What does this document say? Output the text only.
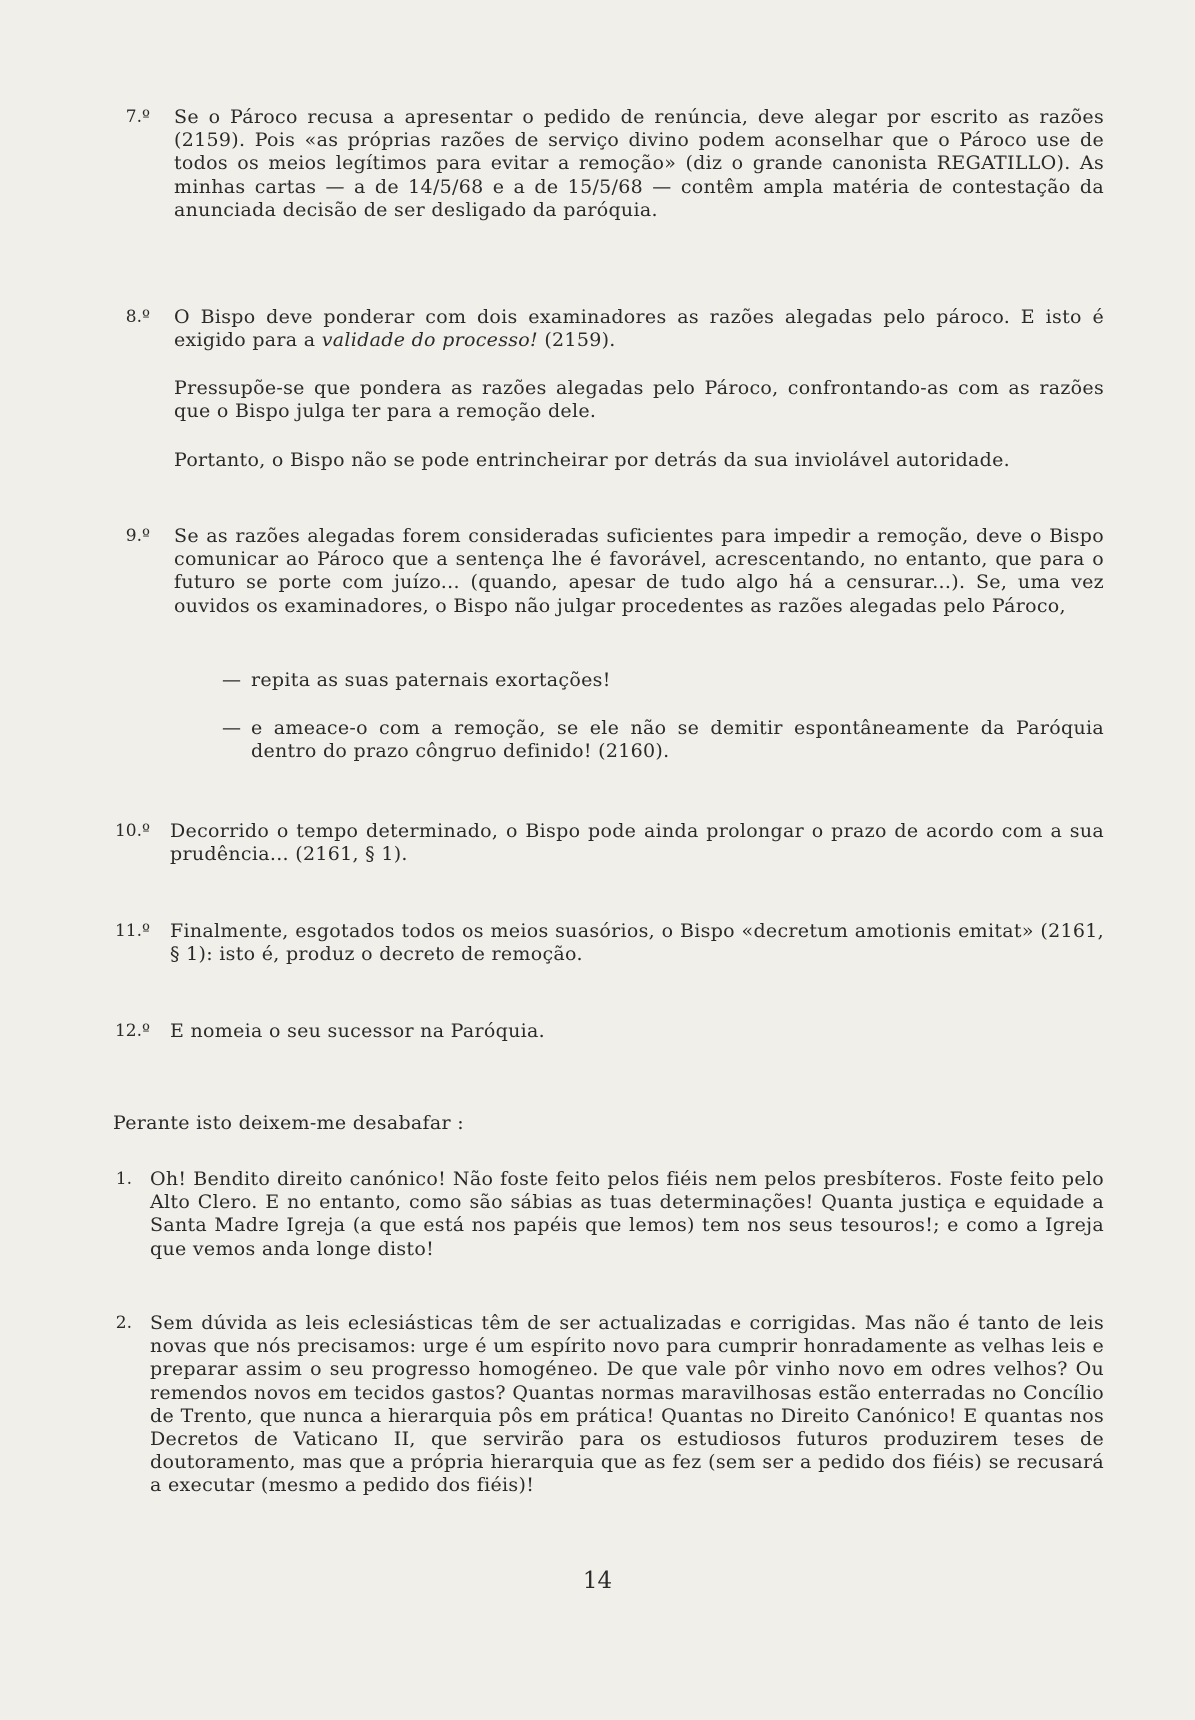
7.º Se o Pároco recusa a apresentar o pedido de renúncia, deve alegar por escrito as razões (2159). Pois «as próprias razões de serviço divino podem aconselhar que o Pároco use de todos os meios legítimos para evitar a remoção» (diz o grande canonista REGATILLO). As minhas cartas — a de 14/5/68 e a de 15/5/68 — contêm ampla matéria de contestação da anunciada decisão de ser desligado da paróquia.

8.º O Bispo deve ponderar com dois examinadores as razões alegadas pelo pároco. E isto é exigido para a validade do processo! (2159).

Pressupõe-se que pondera as razões alegadas pelo Pároco, confrontando-as com as razões que o Bispo julga ter para a remoção dele.

Portanto, o Bispo não se pode entrincheirar por detrás da sua inviolável autoridade.

9.º Se as razões alegadas forem consideradas suficientes para impedir a remoção, deve o Bispo comunicar ao Pároco que a sentença lhe é favorável, acrescentando, no entanto, que para o futuro se porte com juízo... (quando, apesar de tudo algo há a censurar...). Se, uma vez ouvidos os examinadores, o Bispo não julgar procedentes as razões alegadas pelo Pároco,

— repita as suas paternais exortações!

— e ameace-o com a remoção, se ele não se demitir espontâneamente da Paróquia dentro do prazo côngruo definido! (2160).

10.º Decorrido o tempo determinado, o Bispo pode ainda prolongar o prazo de acordo com a sua prudência... (2161, § 1).

11.º Finalmente, esgotados todos os meios suasórios, o Bispo «decretum amotionis emitat» (2161, § 1): isto é, produz o decreto de remoção.

12.º E nomeia o seu sucessor na Paróquia.

Perante isto deixem-me desabafar :

1. Oh! Bendito direito canónico! Não foste feito pelos fiéis nem pelos presbíteros. Foste feito pelo Alto Clero. E no entanto, como são sábias as tuas determinações! Quanta justiça e equidade a Santa Madre Igreja (a que está nos papéis que lemos) tem nos seus tesouros!; e como a Igreja que vemos anda longe disto!

2. Sem dúvida as leis eclesiásticas têm de ser actualizadas e corrigidas. Mas não é tanto de leis novas que nós precisamos: urge é um espírito novo para cumprir honradamente as velhas leis e preparar assim o seu progresso homogéneo. De que vale pôr vinho novo em odres velhos? Ou remendos novos em tecidos gastos? Quantas normas maravilhosas estão enterradas no Concílio de Trento, que nunca a hierarquia pôs em prática! Quantas no Direito Canónico! E quantas nos Decretos de Vaticano II, que servirão para os estudiosos futuros produzirem teses de doutoramento, mas que a própria hierarquia que as fez (sem ser a pedido dos fiéis) se recusará a executar (mesmo a pedido dos fiéis)!

14
